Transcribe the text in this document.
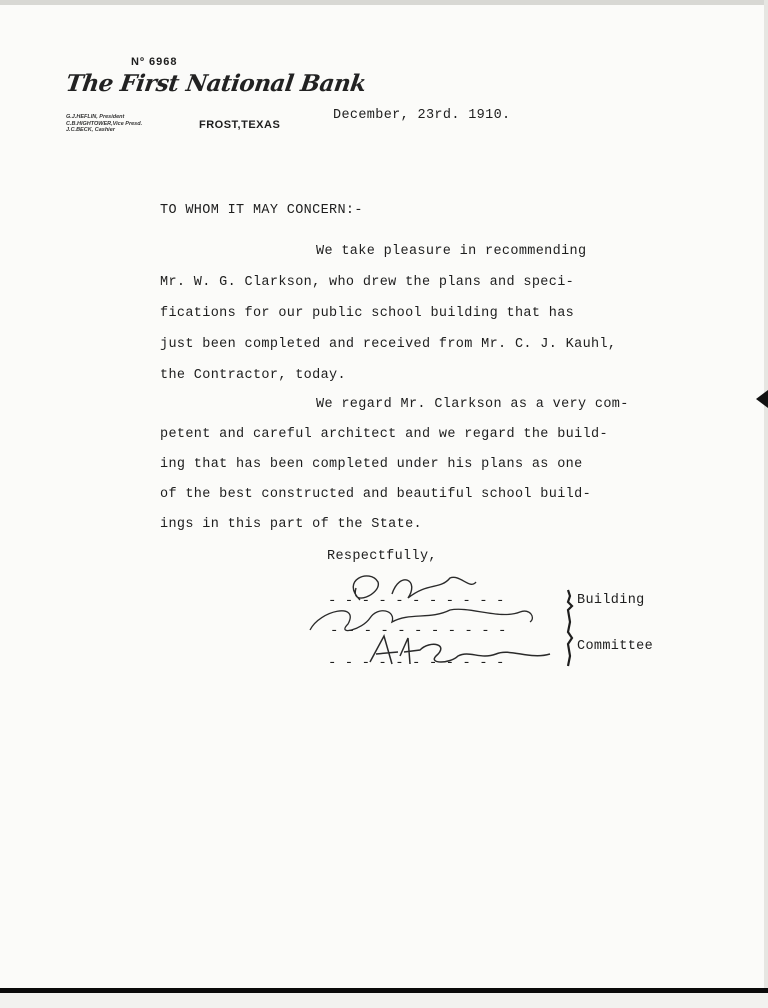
Nº 6968
The First National Bank
G.J.HEFLIN, President
C.B.HIGHTOWER,Vice Presd.
J.C.BECK, Cashier	FROST,TEXAS
December, 23rd. 1910.
TO WHOM IT MAY CONCERN:-
We take pleasure in recommending
Mr. W. G. Clarkson, who drew the plans and speci-
fications for our public school building that has
just been completed and received from Mr. C. J. Kauhl,
the Contractor, today.
We regard Mr. Clarkson as a very com-
petent and careful architect and we regard the build-
ing that has been completed under his plans as one
of the best constructed and beautiful school build-
ings in this part of the State.
Respectfully,
- - - - - - - - - - -
- - - - - - - - - - -
- - - - - - - - - - -
Building
Committee
